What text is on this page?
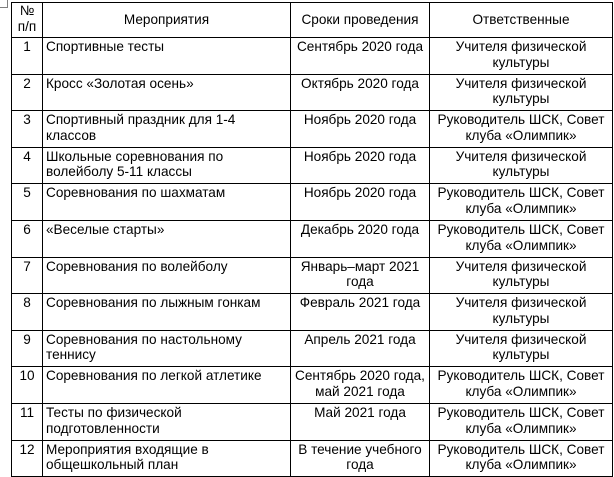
№
п/п	Мероприятия	Сроки проведения	Ответственные
1	Спортивные тесты	Сентябрь 2020 года	Учителя физической культуры
2	Кросс «Золотая осень»	Октябрь 2020 года	Учителя физической культуры
3	Спортивный праздник для 1-4 классов	Ноябрь 2020 года	Руководитель ШСК, Совет клуба «Олимпик»
4	Школьные соревнования по волейболу 5-11 классы	Ноябрь 2020 года	Учителя физической культуры
5	Соревнования по шахматам	Ноябрь 2020 года	Руководитель ШСК, Совет клуба «Олимпик»
6	«Веселые старты»	Декабрь 2020 года	Руководитель ШСК, Совет клуба «Олимпик»
7	Соревнования по волейболу	Январь–март 2021 года	Учителя физической культуры
8	Соревнования по лыжным гонкам	Февраль 2021 года	Учителя физической культуры
9	Соревнования по настольному теннису	Апрель 2021 года	Учителя физической культуры
10	Соревнования по легкой атлетике	Сентябрь 2020 года, май 2021 года	Руководитель ШСК, Совет клуба «Олимпик»
11	Тесты по физической подготовленности	Май 2021 года	Руководитель ШСК, Совет клуба «Олимпик»
12	Мероприятия входящие в общешкольный план	В течение учебного года	Руководитель ШСК, Совет клуба «Олимпик»
